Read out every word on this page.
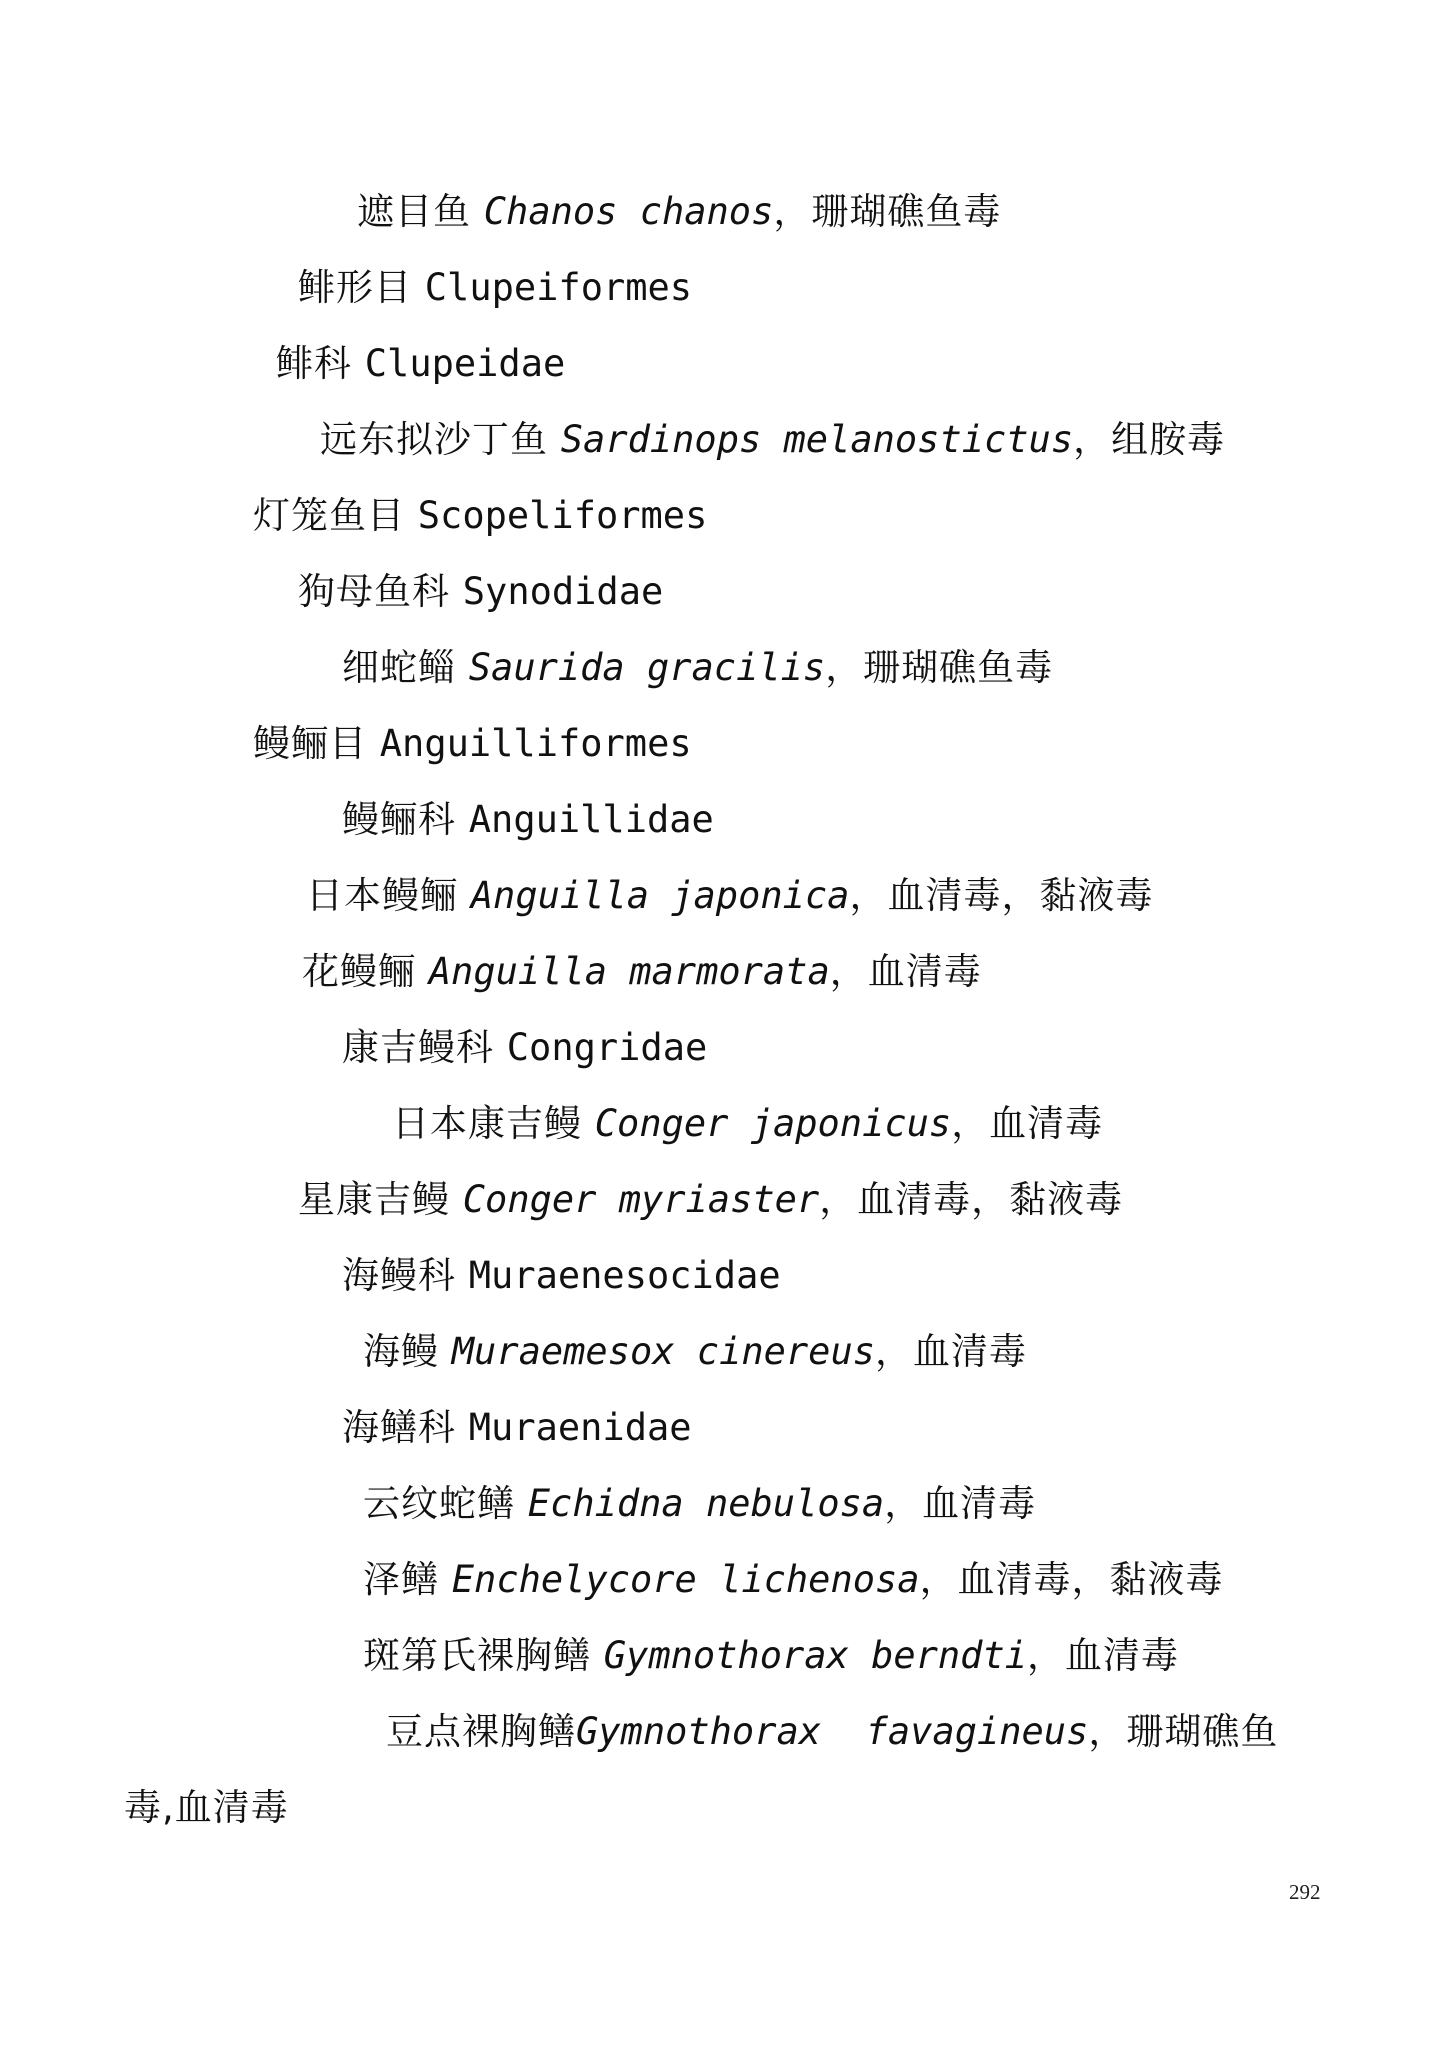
遮目鱼 Chanos chanos，珊瑚礁鱼毒
鲱形目 Clupeiformes
鲱科 Clupeidae
远东拟沙丁鱼 Sardinops melanostictus，组胺毒
灯笼鱼目 Scopeliformes
狗母鱼科 Synodidae
细蛇鲻 Saurida gracilis，珊瑚礁鱼毒
鳗鲡目 Anguilliformes
鳗鲡科 Anguillidae
日本鳗鲡 Anguilla japonica，血清毒，黏液毒
花鳗鲡 Anguilla marmorata，血清毒
康吉鳗科 Congridae
日本康吉鳗 Conger japonicus，血清毒
星康吉鳗 Conger myriaster，血清毒，黏液毒
海鳗科 Muraenesocidae
海鳗 Muraemesox cinereus，血清毒
海鳝科 Muraenidae
云纹蛇鳝 Echidna nebulosa，血清毒
泽鳝 Enchelycore lichenosa，血清毒，黏液毒
斑第氏裸胸鳝 Gymnothorax berndti，血清毒
豆点裸胸鳝Gymnothorax  favagineus，珊瑚礁鱼
毒,血清毒
292
